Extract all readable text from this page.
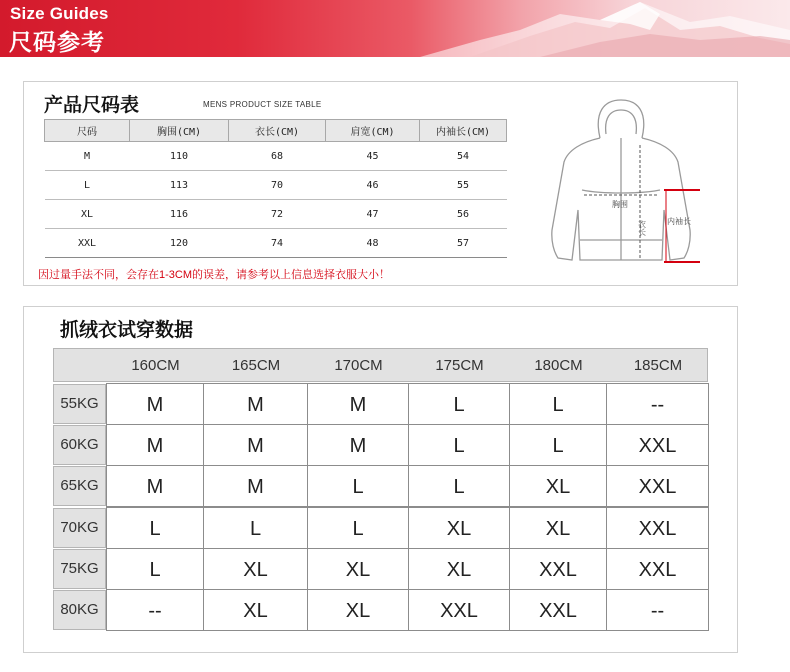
Size Guides
尺码参考
产品尺码表	MENS PRODUCT SIZE TABLE
尺码	胸围(CM)	衣长(CM)	肩宽(CM)	内袖长(CM)
M	110	68	45	54
L	113	70	46	55
XL	116	72	47	56
XXL	120	74	48	57
因过量手法不同，会存在1-3CM的误差，请参考以上信息选择衣服大小！
胸围
衣长	内袖长
抓绒衣试穿数据
160CM	165CM	170CM	175CM	180CM	185CM
55KG	M	M	M	L	L	--
60KG	M	M	M	L	L	XXL
65KG	M	M	L	L	XL	XXL
70KG	L	L	L	XL	XL	XXL
75KG	L	XL	XL	XL	XXL	XXL
80KG	--	XL	XL	XXL	XXL	--
